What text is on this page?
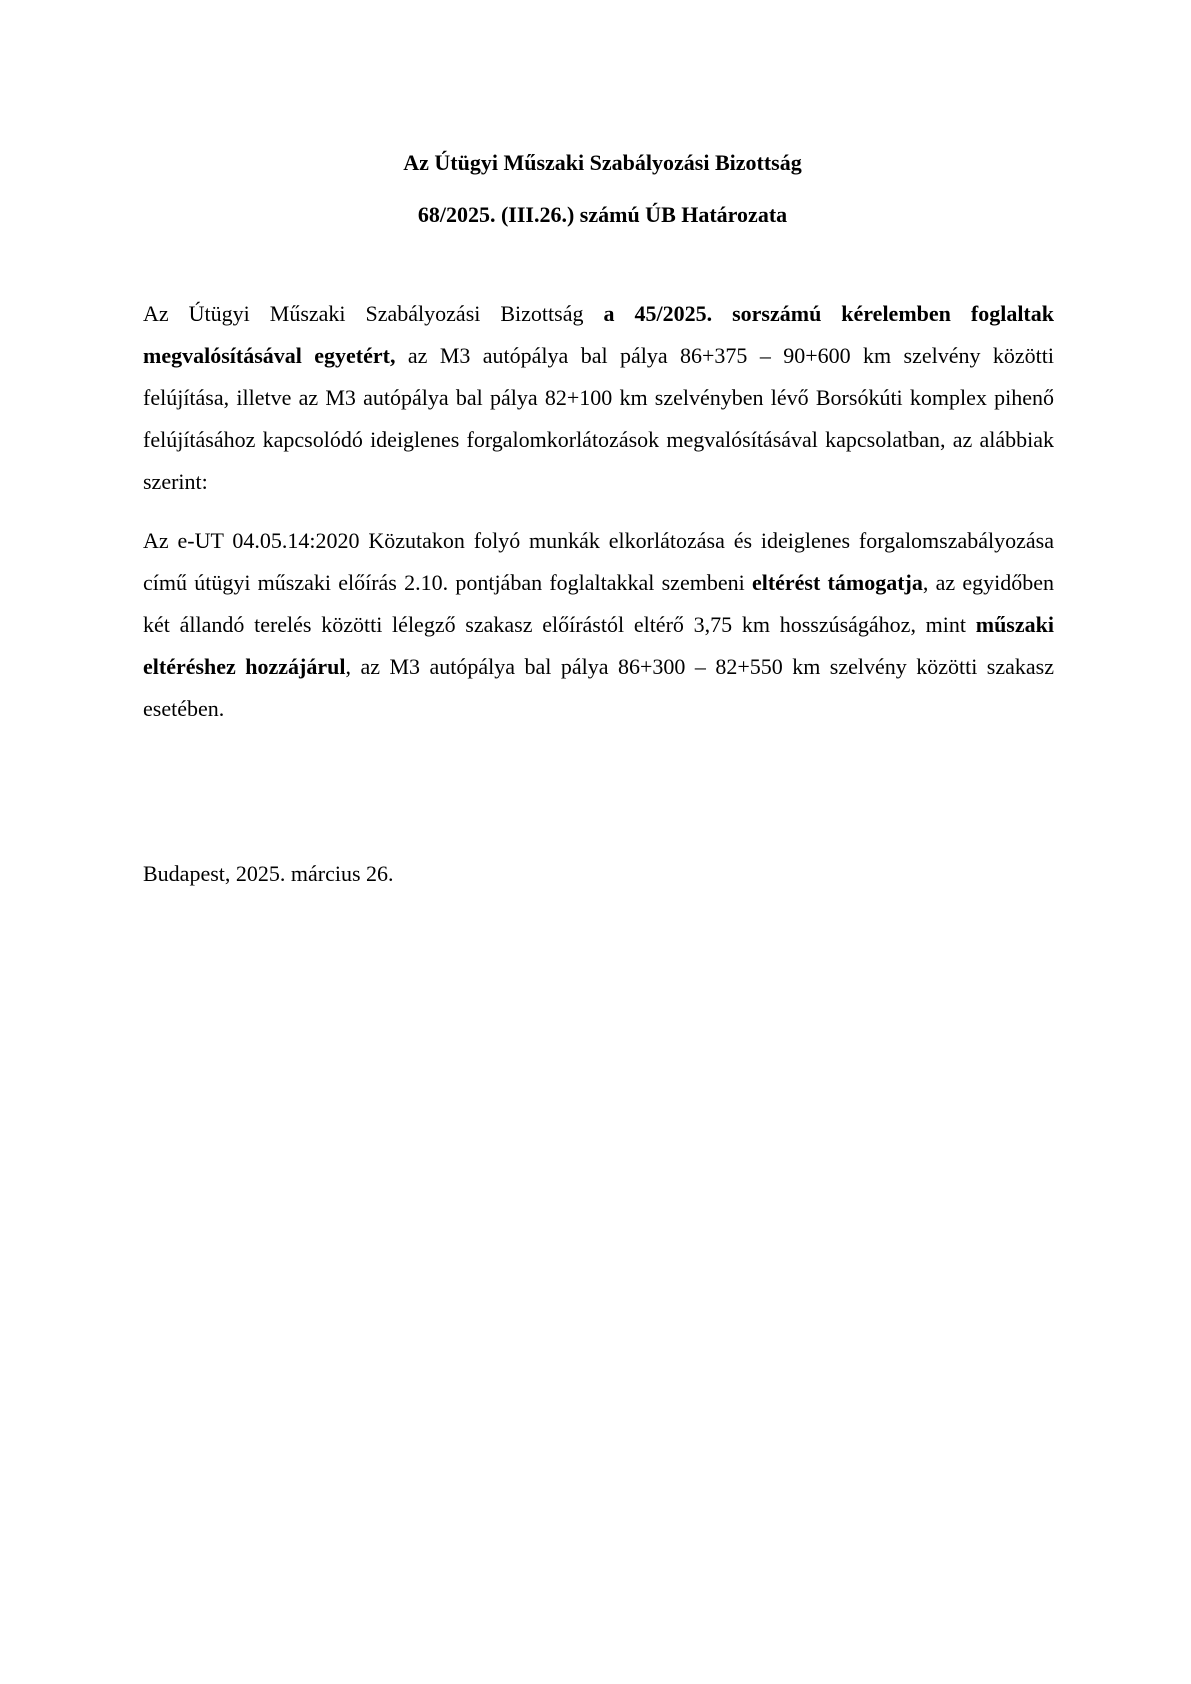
Az Útügyi Műszaki Szabályozási Bizottság
68/2025. (III.26.) számú ÚB Határozata

Az Útügyi Műszaki Szabályozási Bizottság a 45/2025. sorszámú kérelemben foglaltak megvalósításával egyetért, az M3 autópálya bal pálya 86+375 – 90+600 km szelvény közötti felújítása, illetve az M3 autópálya bal pálya 82+100 km szelvényben lévő Borsókúti komplex pihenő felújításához kapcsolódó ideiglenes forgalomkorlátozások megvalósításával kapcsolatban, az alábbiak szerint:

Az e-UT 04.05.14:2020 Közutakon folyó munkák elkorlátozása és ideiglenes forgalomszabályozása című útügyi műszaki előírás 2.10. pontjában foglaltakkal szembeni eltérést támogatja, az egyidőben két állandó terelés közötti lélegző szakasz előírástól eltérő 3,75 km hosszúságához, mint műszaki eltéréshez hozzájárul, az M3 autópálya bal pálya 86+300 – 82+550 km szelvény közötti szakasz esetében.

Budapest, 2025. március 26.
